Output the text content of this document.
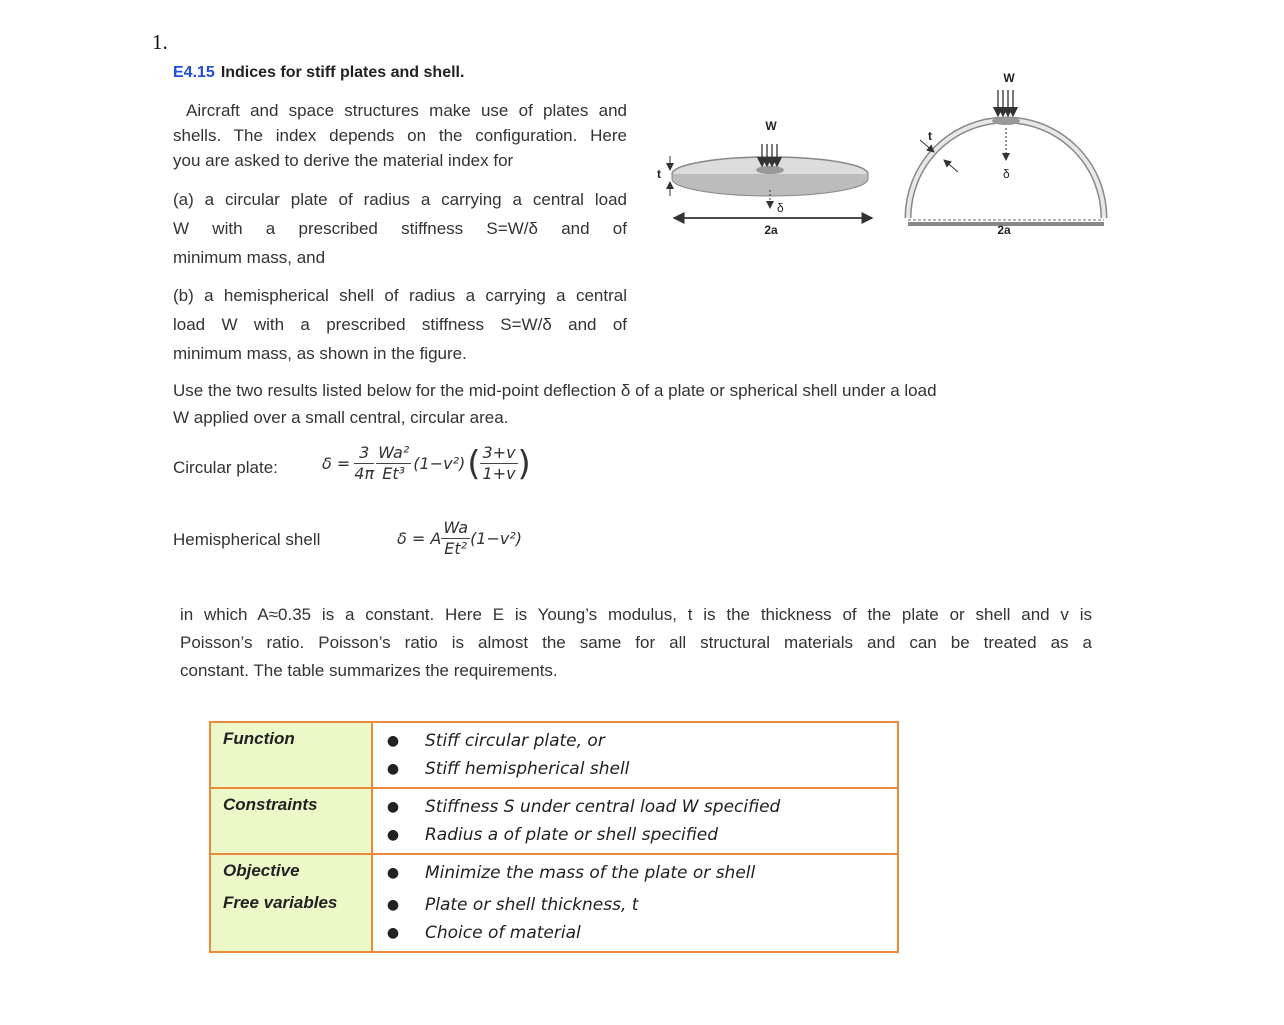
1.
E4.15 Indices for stiff plates and shell.
Aircraft and space structures make use of plates and
shells. The index depends on the configuration. Here
you are asked to derive the material index for
(a) a circular plate of radius a carrying a central load
W with a prescribed stiffness S=W/δ and of
minimum mass, and
(b) a hemispherical shell of radius a carrying a central
load W with a prescribed stiffness S=W/δ and of
minimum mass, as shown in the figure.
W
t
δ
2a
W
t
δ
2a
Use the two results listed below for the mid-point deflection δ of a plate or spherical shell under a load
W applied over a small central, circular area.
Circular plate:	$\delta = \frac{3}{4\pi} \frac{\text{Wa²}}{\text{Et³}} (1-v^2)$ ( $\frac{3+v}{1+v}$ )
Hemispherical shell	δ = A $\frac{Wa}{\text{Et²}} (1-v^2)$
in which A≈0.35 is a constant. Here E is Young’s modulus, t is the thickness of the plate or shell and v is
Poisson’s ratio. Poisson’s ratio is almost the same for all structural materials and can be treated as a
constant. The table summarizes the requirements.
Function	● Stiff circular plate, or
● Stiff hemispherical shell

Constraints	● Stiffness S under central load W specified
● Radius a of plate or shell specified

Objective	● Minimize the mass of the plate or shell

Free variables	● Plate or shell thickness, t
● Choice of material
